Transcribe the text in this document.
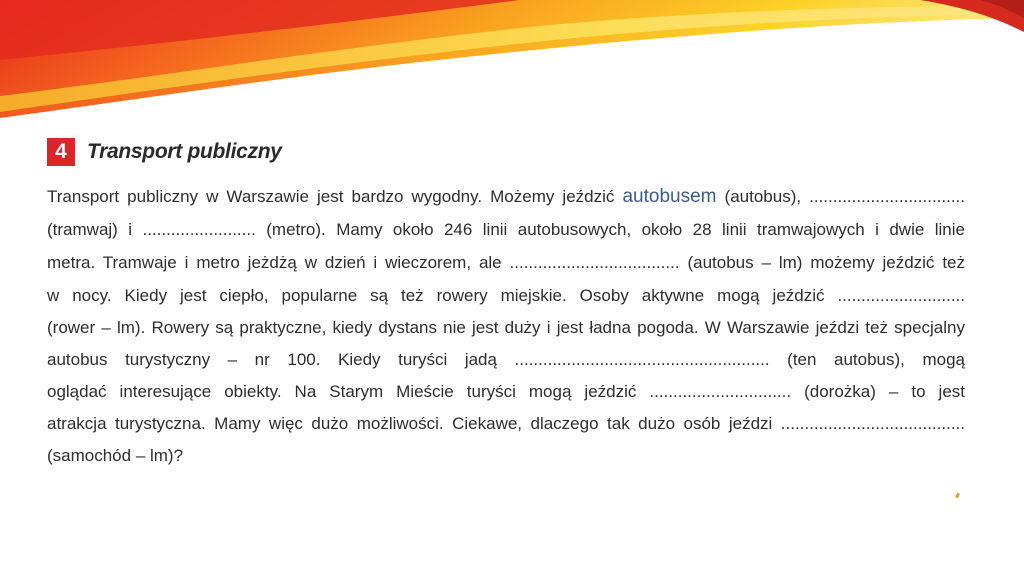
4 Transport publiczny
Transport publiczny w Warszawie jest bardzo wygodny. Możemy jeździć autobusem (autobus), .................................
(tramwaj) i ........................ (metro). Mamy około 246 linii autobusowych, około 28 linii tramwajowych i dwie linie
metra. Tramwaje i metro jeżdżą w dzień i wieczorem, ale .................................... (autobus – lm) możemy jeździć też
w nocy. Kiedy jest ciepło, popularne są też rowery miejskie. Osoby aktywne mogą jeździć ...........................
(rower – lm). Rowery są praktyczne, kiedy dystans nie jest duży i jest ładna pogoda. W Warszawie jeździ też specjalny
autobus turystyczny – nr 100. Kiedy turyści jadą ...................................................... (ten autobus), mogą
oglądać interesujące obiekty. Na Starym Mieście turyści mogą jeździć .............................. (dorożka) – to jest
atrakcja turystyczna. Mamy więc dużo możliwości. Ciekawe, dlaczego tak dużo osób jeździ .......................................
(samochód – lm)?
